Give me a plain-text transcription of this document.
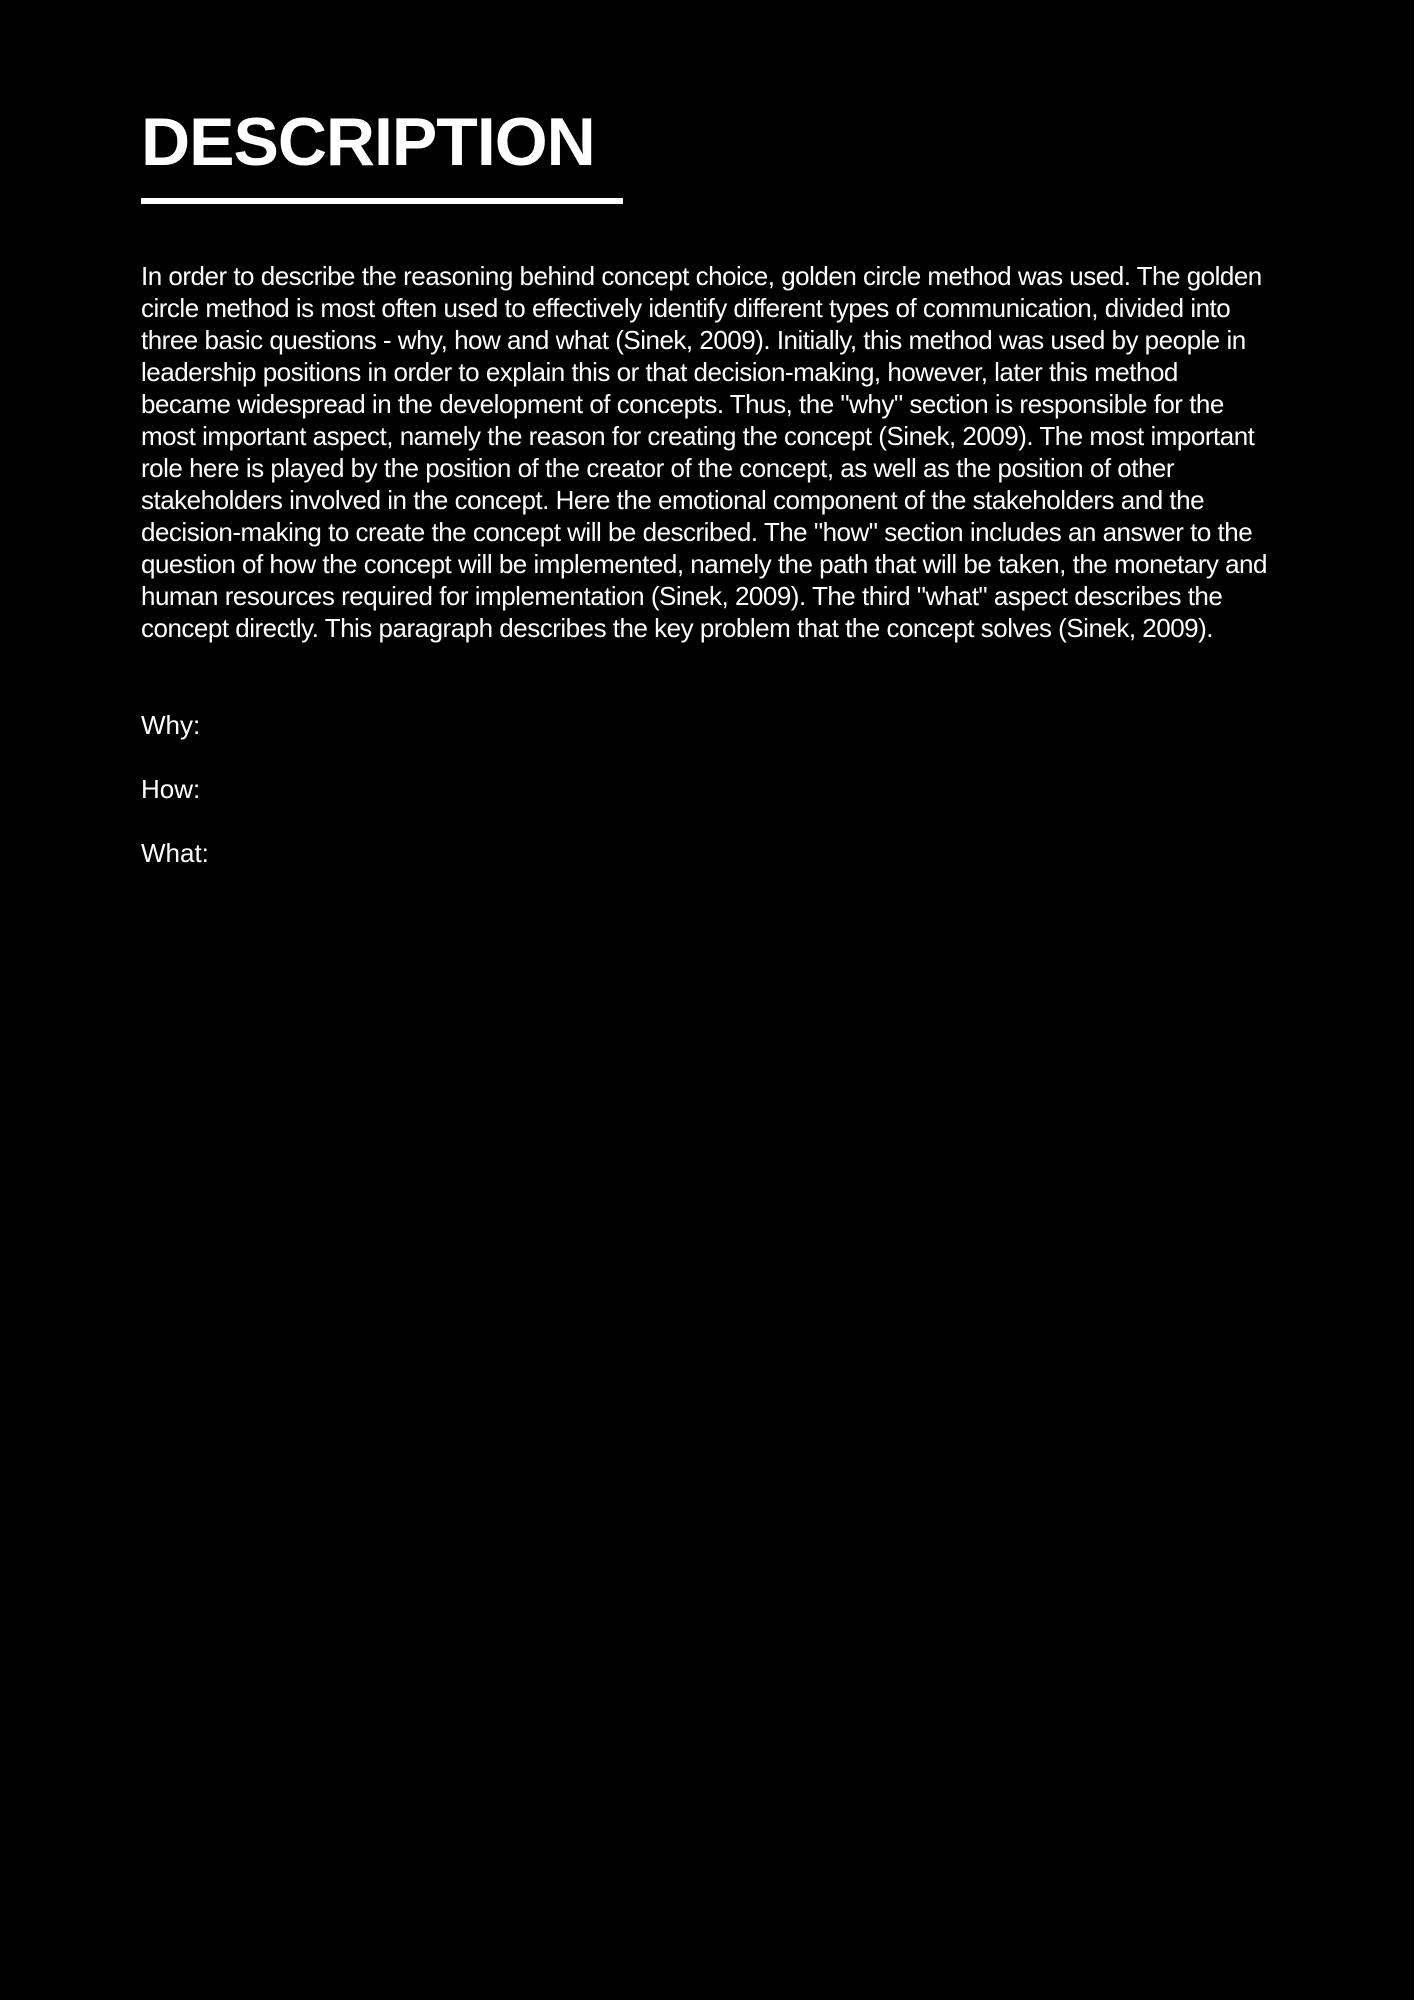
DESCRIPTION

In order to describe the reasoning behind concept choice, golden circle method was used. The golden circle method is most often used to effectively identify different types of communication, divided into three basic questions - why, how and what (Sinek, 2009). Initially, this method was used by people in leadership positions in order to explain this or that decision-making, however, later this method became widespread in the development of concepts. Thus, the "why" section is responsible for the most important aspect, namely the reason for creating the concept (Sinek, 2009). The most important role here is played by the position of the creator of the concept, as well as the position of other stakeholders involved in the concept. Here the emotional component of the stakeholders and the decision-making to create the concept will be described. The "how" section includes an answer to the question of how the concept will be implemented, namely the path that will be taken, the monetary and human resources required for implementation (Sinek, 2009). The third "what" aspect describes the concept directly. This paragraph describes the key problem that the concept solves (Sinek, 2009).

Why:

How:

What:
